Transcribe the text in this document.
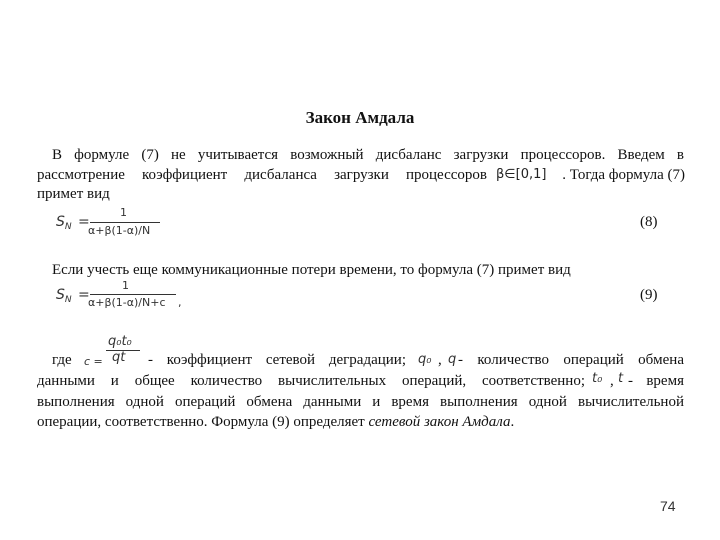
Закон Амдала
В формуле (7) не учитывается возможный дисбаланс загрузки процессоров. Введем в
рассмотрение коэффициент дисбаланса загрузки процессоров β∈[0,1]	. Тогда формула (7)
примет вид
$S_N$ =
1
α+β(1-α)/N
(8)
Если учесть еще коммуникационные потери времени, то формула (7) примет вид
$S_N$ =
1
α+β(1-α)/N+c ,	(9)
где c =
q₀t₀
qt - коэффициент сетевой деградации; q₀ , q - количество операций обмена
данными и общее количество вычислительных операций, соответственно; t₀ , t - время
выполнения одной операций обмена данными и время выполнения одной вычислительной
операции, соответственно. Формула (9) определяет сетевой закон Амдала.
74
